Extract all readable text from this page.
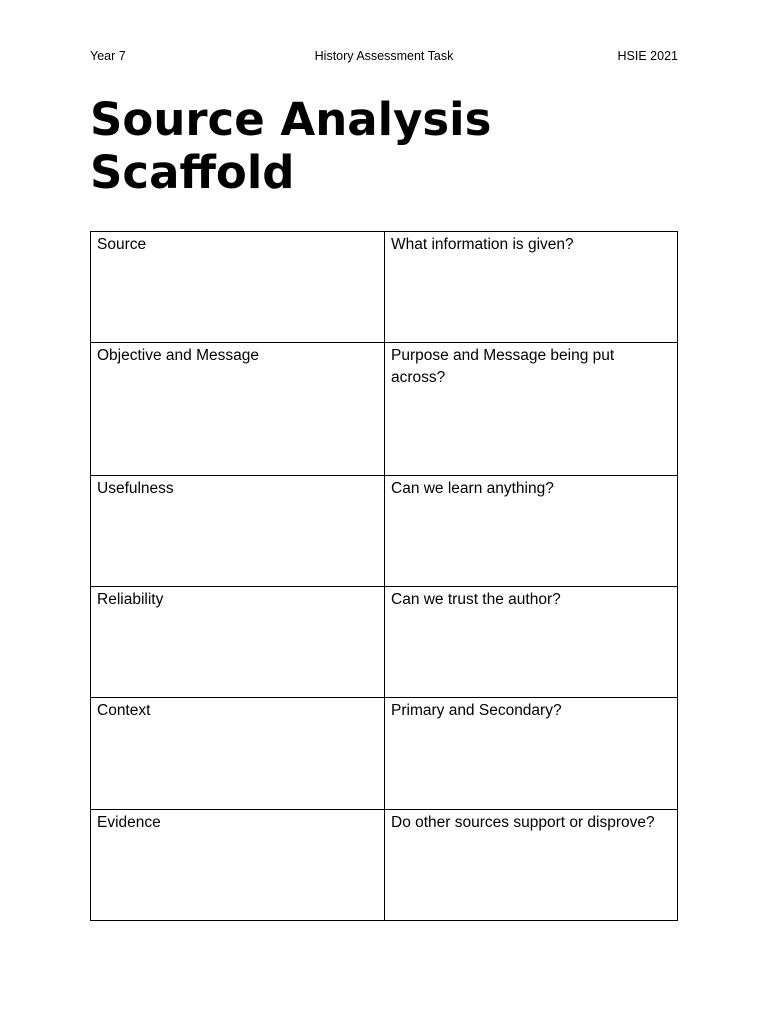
Year 7	History Assessment Task	HSIE 2021
Source Analysis
Scaffold
Source	What information is given?
Objective and Message	Purpose and Message being put across?
Usefulness	Can we learn anything?
Reliability	Can we trust the author?
Context	Primary and Secondary?
Evidence	Do other sources support or disprove?
